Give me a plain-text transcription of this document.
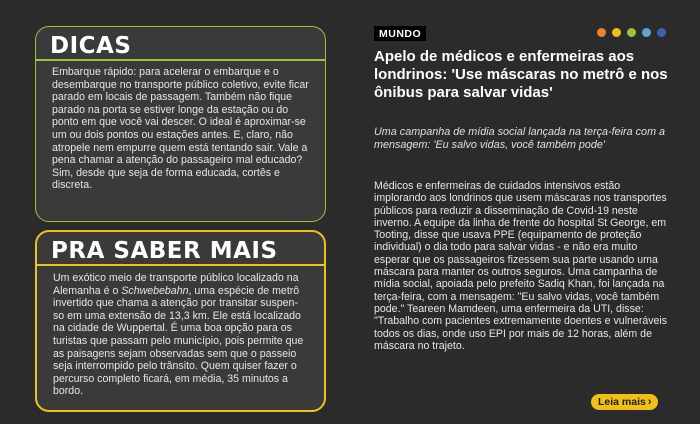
DICAS

Embarque rápido: para acelerar o embarque e o desembarque no transporte público coletivo, evite ficar parado em locais de passagem. Também não fique parado na porta se estiver longe da estação ou do ponto em que você vai descer. O ideal é aproximar-se um ou dois pontos ou estações antes. E, claro, não atropele nem empurre quem está tentando sair. Vale a pena chamar a atenção do passageiro mal educado? Sim, desde que seja de forma educada, cortês e discreta.

PRA SABER MAIS

Um exótico meio de transporte público localizado na Alemanha é o Schwebebahn, uma espécie de metrô invertido que chama a atenção por transitar suspen-so em uma extensão de 13,3 km. Ele está localizado na cidade de Wuppertal. É uma boa opção para os turistas que passam pelo município, pois permite que as paisagens sejam observadas sem que o passeio seja interrompido pelo trânsito. Quem quiser fazer o percurso completo ficará, em média, 35 minutos a bordo.

MUNDO
Apelo de médicos e enfermeiras aos londrinos: 'Use máscaras no metrô e nos ônibus para salvar vidas'

Uma campanha de mídia social lançada na terça-feira com a mensagem: 'Eu salvo vidas, você também pode'

Médicos e enfermeiras de cuidados intensivos estão implorando aos londrinos que usem máscaras nos transportes públicos para reduzir a disseminação de Covid-19 neste inverno. A equipe da linha de frente do hospital St George, em Tooting, disse que usava PPE (equipamento de proteção individual) o dia todo para salvar vidas - e não era muito esperar que os passageiros fizessem sua parte usando uma máscara para manter os outros seguros. Uma campanha de mídia social, apoiada pelo prefeito Sadiq Khan, foi lançada na terça-feira, com a mensagem: "Eu salvo vidas, você também pode." Teareen Mamdeen, uma enfermeira da UTI, disse: "Trabalho com pacientes extremamente doentes e vulneráveis todos os dias, onde uso EPI por mais de 12 horas, além de máscara no trajeto.

Leia mais ›
